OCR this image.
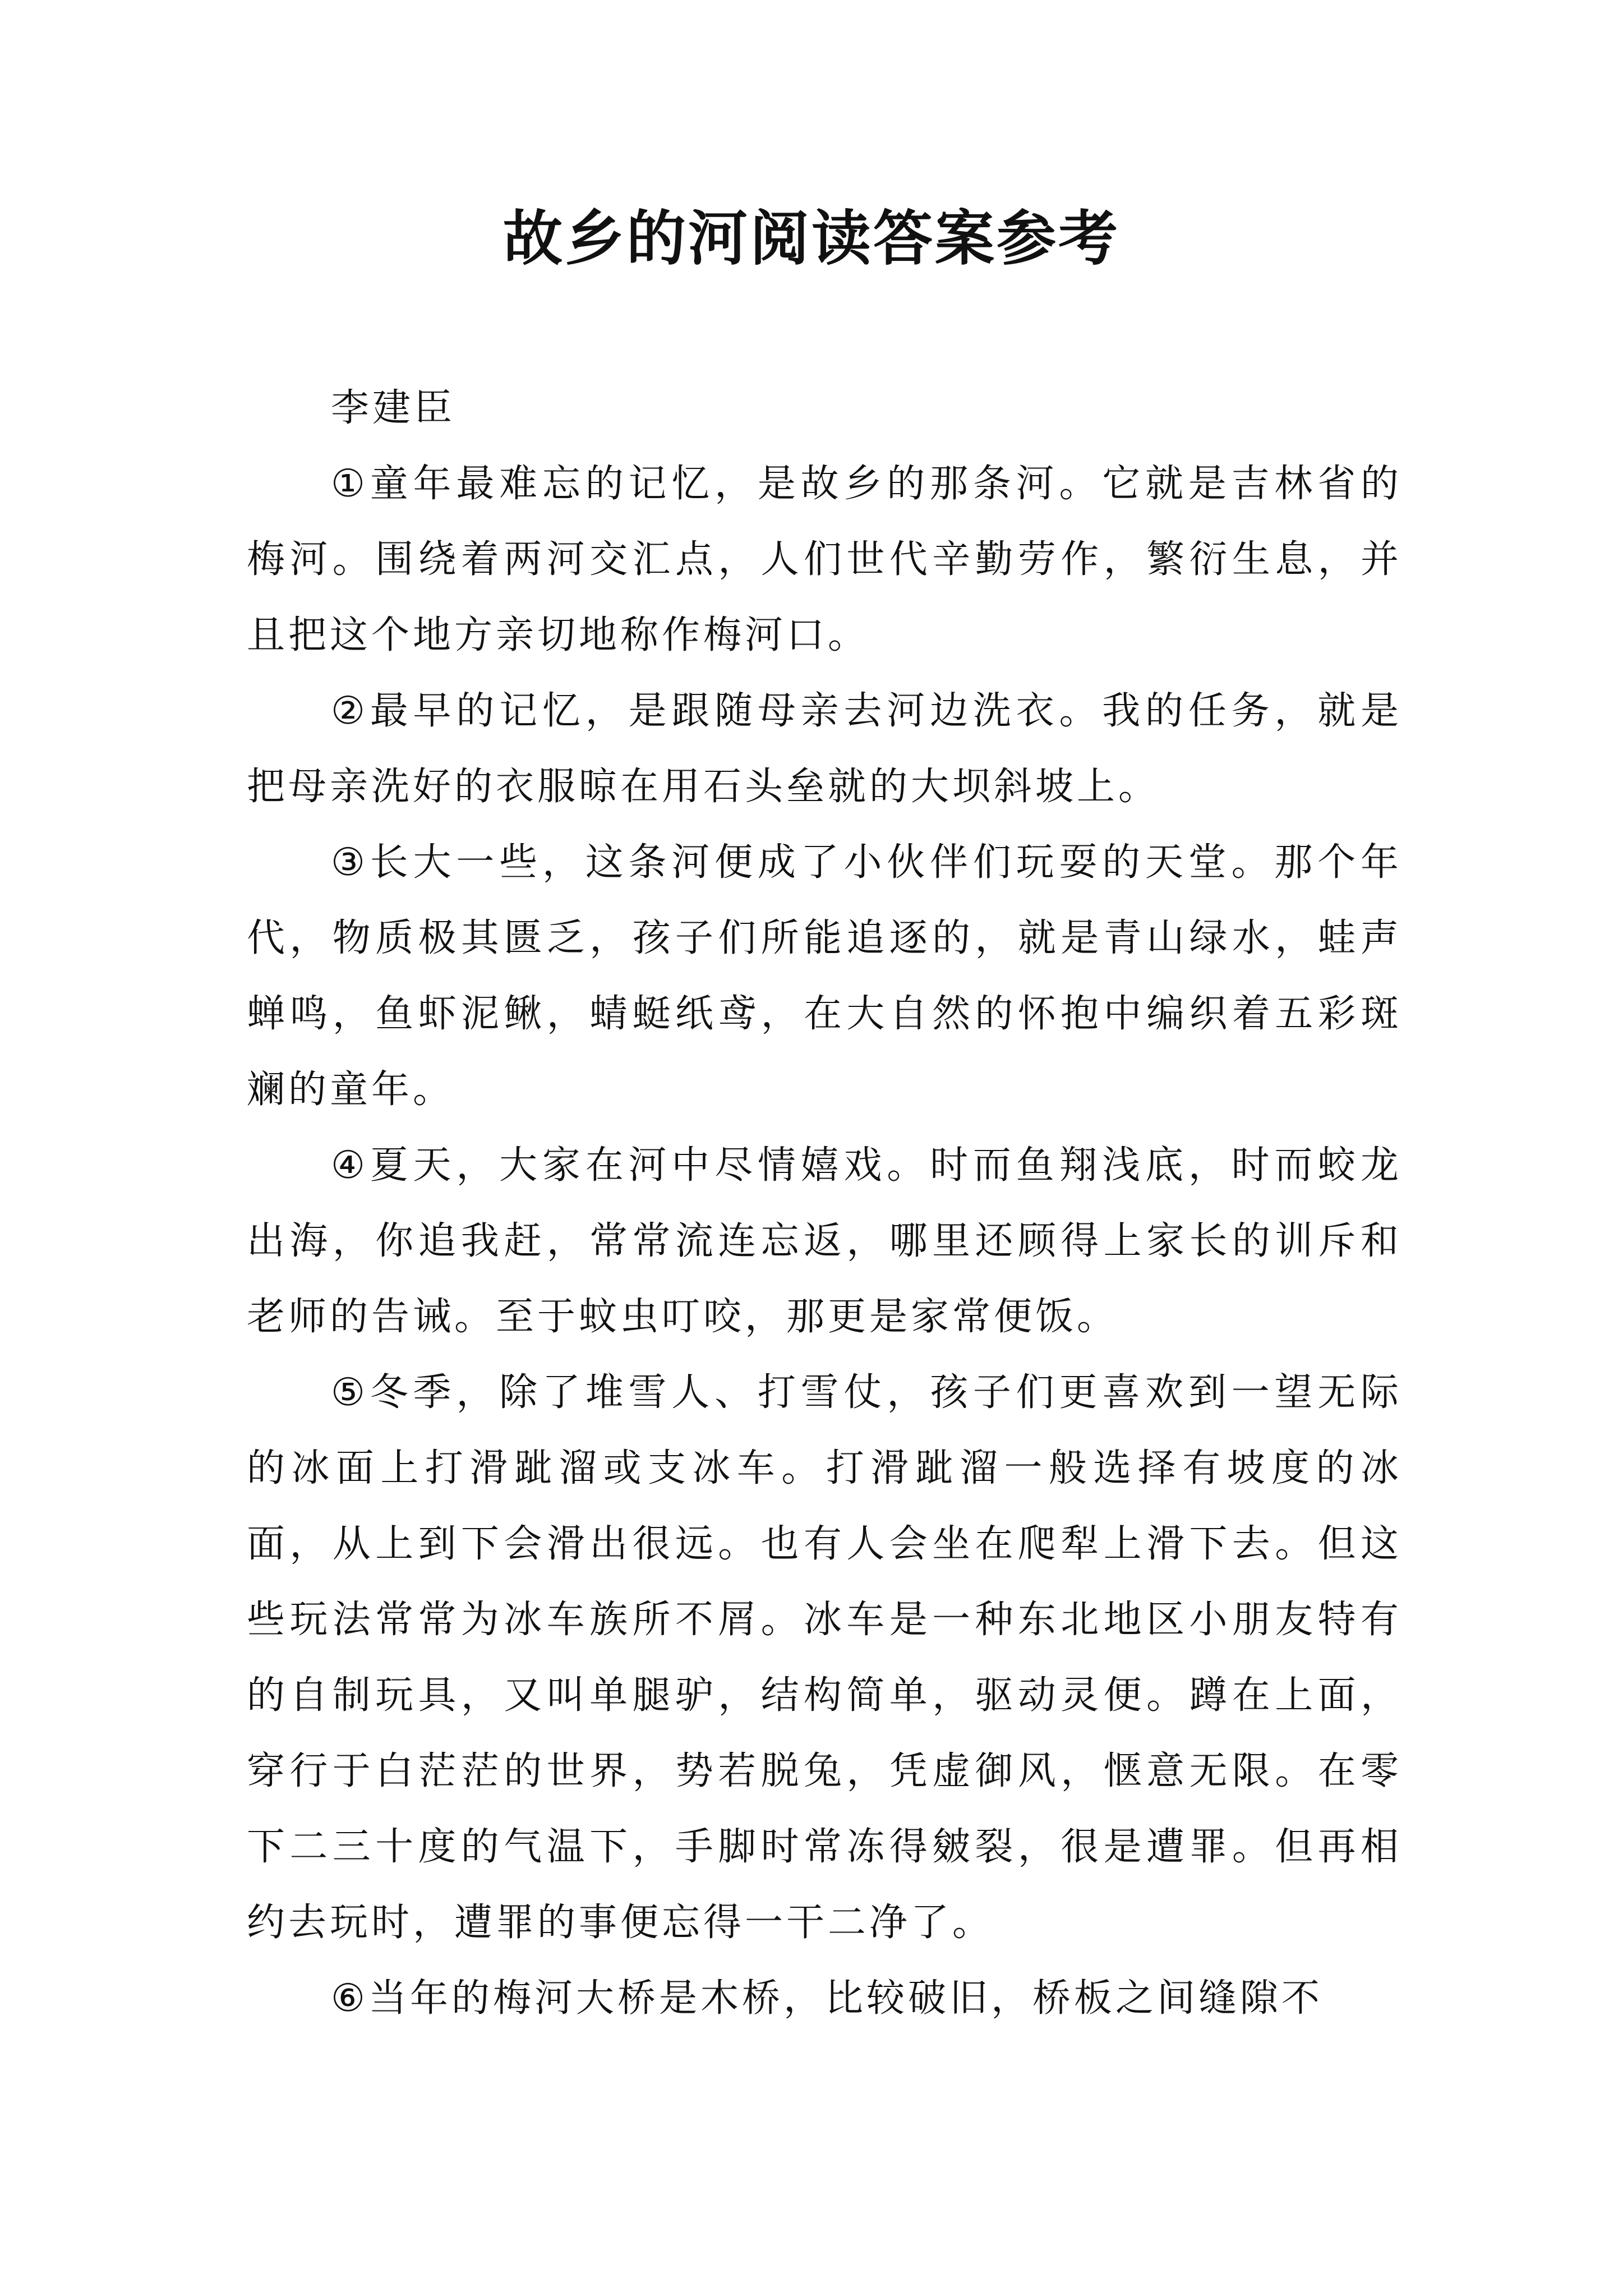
故乡的河阅读答案参考

李建臣

①童年最难忘的记忆，是故乡的那条河。它就是吉林省的梅河。围绕着两河交汇点，人们世代辛勤劳作，繁衍生息，并且把这个地方亲切地称作梅河口。

②最早的记忆，是跟随母亲去河边洗衣。我的任务，就是把母亲洗好的衣服晾在用石头垒就的大坝斜坡上。

③长大一些，这条河便成了小伙伴们玩耍的天堂。那个年代，物质极其匮乏，孩子们所能追逐的，就是青山绿水，蛙声蝉鸣，鱼虾泥鳅，蜻蜓纸鸢，在大自然的怀抱中编织着五彩斑斓的童年。

④夏天，大家在河中尽情嬉戏。时而鱼翔浅底，时而蛟龙出海，你追我赶，常常流连忘返，哪里还顾得上家长的训斥和老师的告诫。至于蚊虫叮咬，那更是家常便饭。

⑤冬季，除了堆雪人、打雪仗，孩子们更喜欢到一望无际的冰面上打滑跐溜或支冰车。打滑跐溜一般选择有坡度的冰面，从上到下会滑出很远。也有人会坐在爬犁上滑下去。但这些玩法常常为冰车族所不屑。冰车是一种东北地区小朋友特有的自制玩具，又叫单腿驴，结构简单，驱动灵便。蹲在上面，穿行于白茫茫的世界，势若脱兔，凭虚御风，惬意无限。在零下二三十度的气温下，手脚时常冻得皴裂，很是遭罪。但再相约去玩时，遭罪的事便忘得一干二净了。

⑥当年的梅河大桥是木桥，比较破旧，桥板之间缝隙不
